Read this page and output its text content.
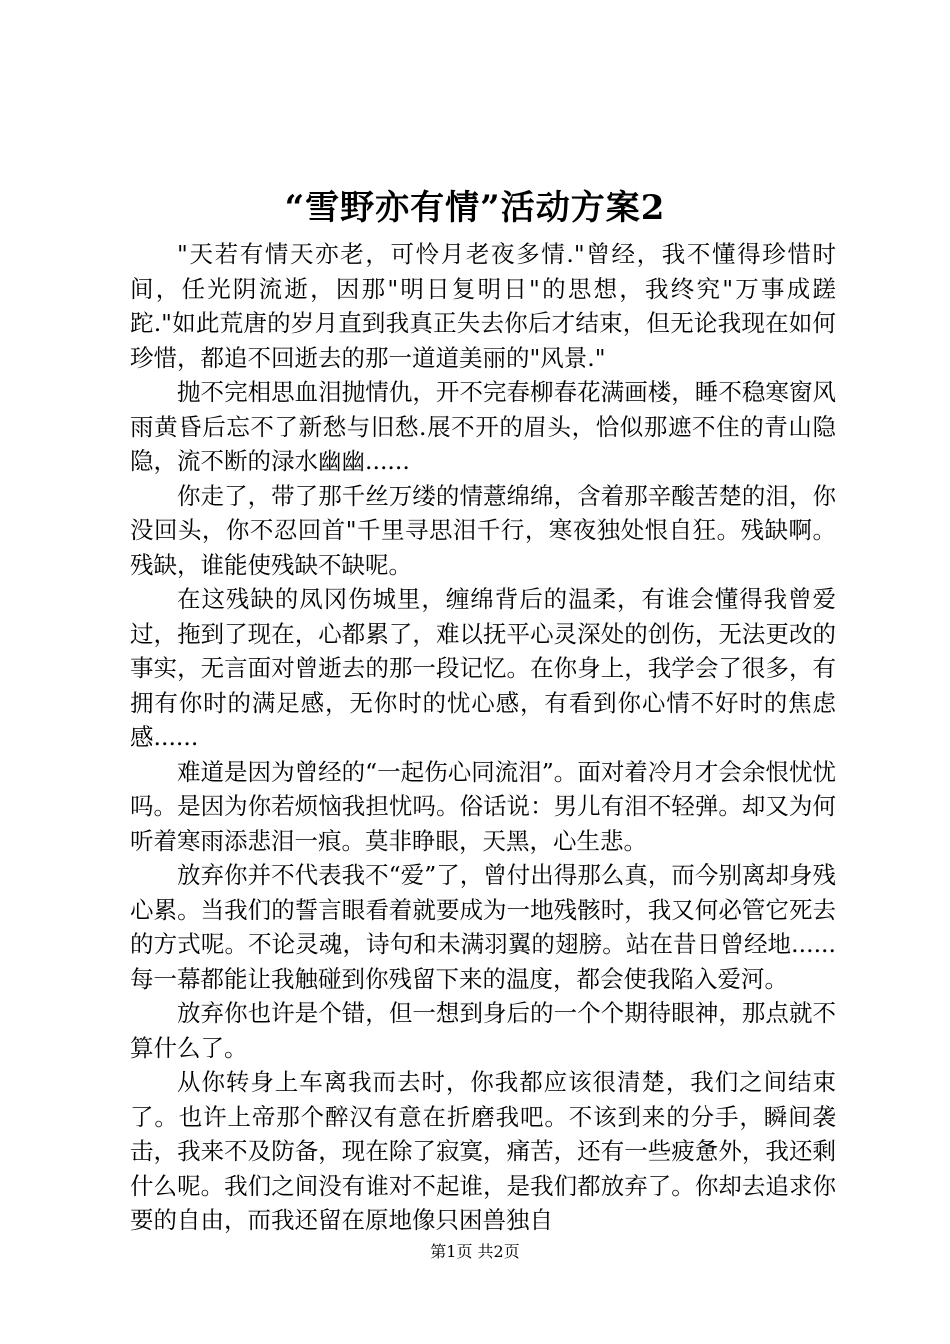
“雪野亦有情”活动方案2

"天若有情天亦老，可怜月老夜多情."曾经，我不懂得珍惜时间，任光阴流逝，因那"明日复明日"的思想，我终究"万事成蹉跎."如此荒唐的岁月直到我真正失去你后才结束，但无论我现在如何珍惜，都追不回逝去的那一道道美丽的"风景."

抛不完相思血泪抛情仇，开不完春柳春花满画楼，睡不稳寒窗风雨黄昏后忘不了新愁与旧愁.展不开的眉头，恰似那遮不住的青山隐隐，流不断的渌水幽幽......

你走了，带了那千丝万缕的情薏绵绵，含着那辛酸苦楚的泪，你没回头，你不忍回首"千里寻思泪千行，寒夜独处恨自狂。残缺啊。残缺，谁能使残缺不缺呢。

在这残缺的凤冈伤城里，缠绵背后的温柔，有谁会懂得我曾爱过，拖到了现在，心都累了，难以抚平心灵深处的创伤，无法更改的事实，无言面对曾逝去的那一段记忆。在你身上，我学会了很多，有拥有你时的满足感，无你时的忧心感，有看到你心情不好时的焦虑感......

难道是因为曾经的“一起伤心同流泪”。面对着冷月才会余恨忧忧吗。是因为你若烦恼我担忧吗。俗话说：男儿有泪不轻弹。却又为何听着寒雨添悲泪一痕。莫非睁眼，天黑，心生悲。

放弃你并不代表我不“爱”了，曾付出得那么真，而今别离却身残心累。当我们的誓言眼看着就要成为一地残骸时，我又何必管它死去的方式呢。不论灵魂，诗句和未满羽翼的翅膀。站在昔日曾经地......每一幕都能让我触碰到你残留下来的温度，都会使我陷入爱河。

放弃你也许是个错，但一想到身后的一个个期待眼神，那点就不算什么了。

从你转身上车离我而去时，你我都应该很清楚，我们之间结束了。也许上帝那个醉汉有意在折磨我吧。不该到来的分手，瞬间袭击，我来不及防备，现在除了寂寞，痛苦，还有一些疲惫外，我还剩什么呢。我们之间没有谁对不起谁，是我们都放弃了。你却去追求你要的自由，而我还留在原地像只困兽独自

第1页 共2页
